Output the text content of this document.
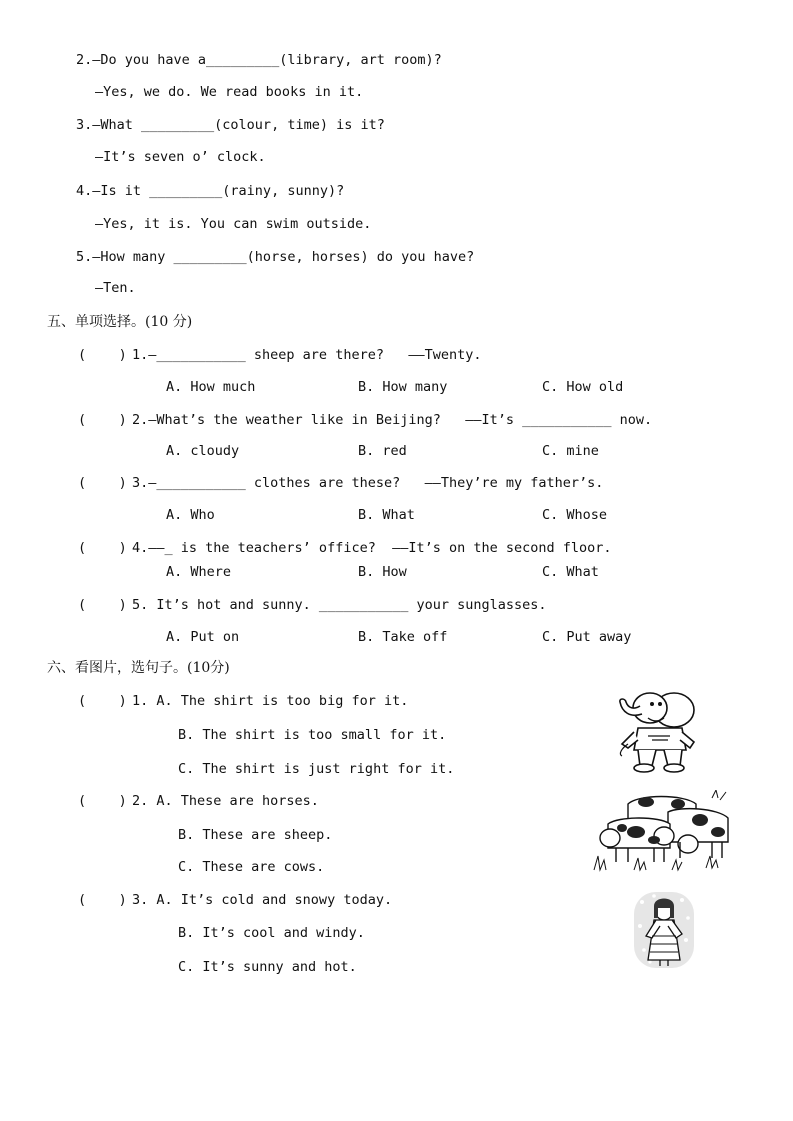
2.—Do you have a_________(library, art room)?
—Yes, we do. We read books in it.
3.—What _________(colour, time) is it?
—It’s seven o’ clock.
4.—Is it _________(rainy, sunny)?
—Yes, it is. You can swim outside.
5.—How many _________(horse, horses) do you have?
—Ten.
五、单项选择。(10 分)
(    ) 1.—___________ sheep are there?   ——Twenty.
A. How much	B. How many	C. How old
(    ) 2.—What’s the weather like in Beijing?   ——It’s ___________ now.
A. cloudy	B. red	C. mine
(    ) 3.—___________ clothes are these?   ——They’re my father’s.
A. Who	B. What	C. Whose
(    ) 4.——_ is the teachers’ office?  ——It’s on the second floor.
A. Where	B. How	C. What
(    ) 5. It’s hot and sunny. ___________ your sunglasses.
A. Put on	B. Take off	C. Put away
六、看图片，选句子。(10分)
(    ) 1. A. The shirt is too big for it.
B. The shirt is too small for it.
C. The shirt is just right for it.
(    ) 2. A. These are horses.
B. These are sheep.
C. These are cows.
(    ) 3. A. It’s cold and snowy today.
B. It’s cool and windy.
C. It’s sunny and hot.
